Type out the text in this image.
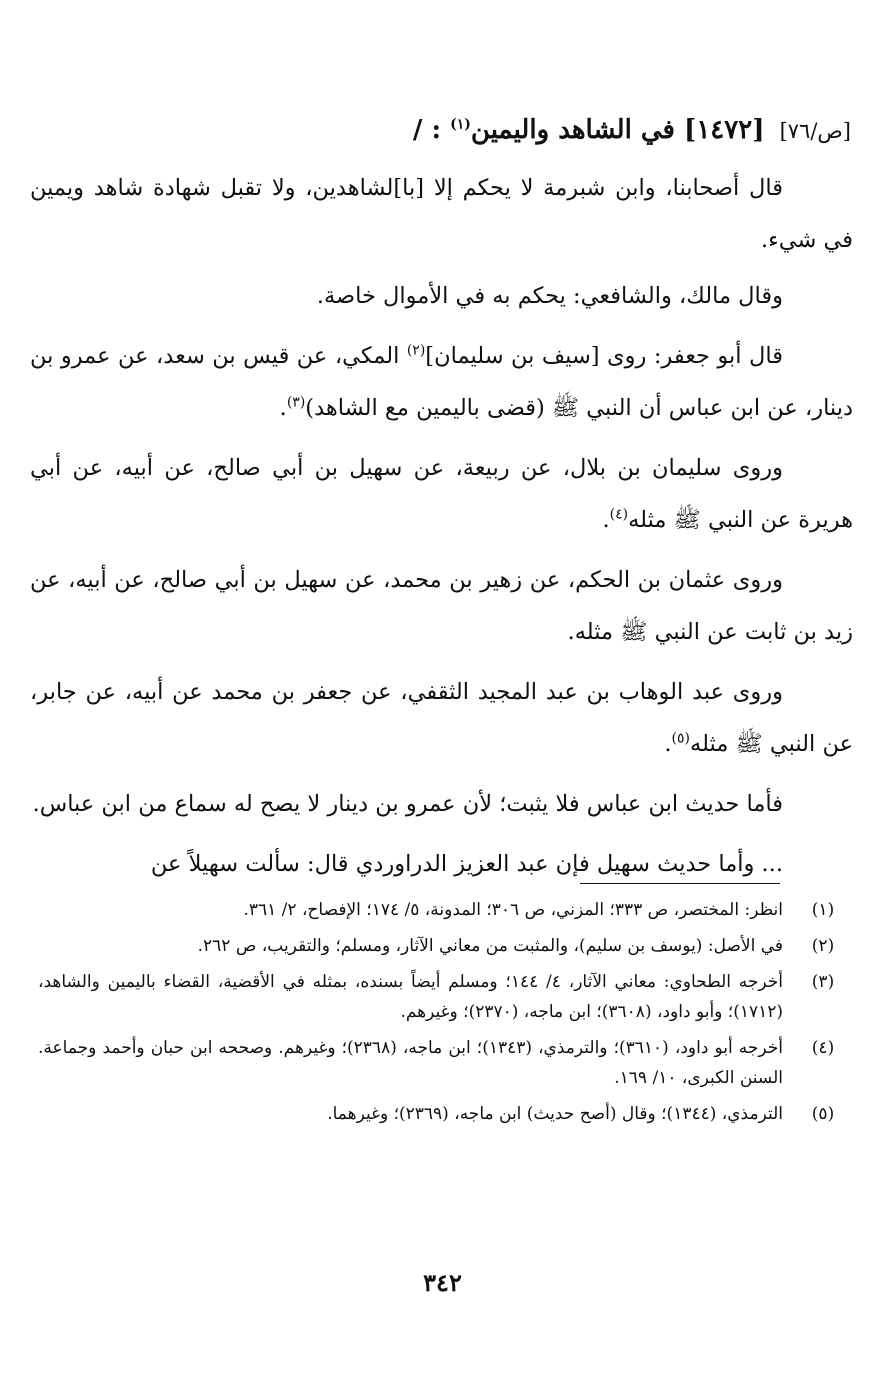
[ص/٧٦] [١٤٧٢] في الشاهد واليمين$^{(١)}$ : /

قال أصحابنا، وابن شبرمة لا يحكم إلا [با]لشاهدين، ولا تقبل شهادة شاهد ويمين في شيء.

وقال مالك، والشافعي: يحكم به في الأموال خاصة.

قال أبو جعفر: روى [سيف بن سليمان]$^{(٢)}$ المكي، عن قيس بن سعد، عن عمرو بن دينار، عن ابن عباس أن النبي ﷺ (قضى باليمين مع الشاهد)$^{(٣)}$.

وروى سليمان بن بلال، عن ربيعة، عن سهيل بن أبي صالح، عن أبيه، عن أبي هريرة عن النبي ﷺ مثله$^{(٤)}$.

وروى عثمان بن الحكم، عن زهير بن محمد، عن سهيل بن أبي صالح، عن أبيه، عن زيد بن ثابت عن النبي ﷺ مثله.

وروى عبد الوهاب بن عبد المجيد الثقفي، عن جعفر بن محمد عن أبيه، عن جابر، عن النبي ﷺ مثله$^{(٥)}$.

فأما حديث ابن عباس فلا يثبت؛ لأن عمرو بن دينار لا يصح له سماع من ابن عباس.

... وأما حديث سهيل فإن عبد العزيز الدراوردي قال: سألت سهيلاً عن

(١)
انظر: المختصر، ص ٣٣٣؛ المزني، ص ٣٠٦؛ المدونة، ٥/ ١٧٤؛ الإفصاح، ٢/ ٣٦١.
(٢)
في الأصل: (يوسف بن سليم)، والمثبت من معاني الآثار، ومسلم؛ والتقريب، ص ٢٦٢.
(٣)
أخرجه الطحاوي: معاني الآثار، ٤/ ١٤٤؛ ومسلم أيضاً بسنده، بمثله في الأقضية، القضاء باليمين والشاهد، (١٧١٢)؛ وأبو داود، (٣٦٠٨)؛ ابن ماجه، (٢٣٧٠)؛ وغيرهم.
(٤)
أخرجه أبو داود، (٣٦١٠)؛ والترمذي، (١٣٤٣)؛ ابن ماجه، (٢٣٦٨)؛ وغيرهم. وصححه ابن حبان وأحمد وجماعة. السنن الكبرى، ١٠/ ١٦٩.
(٥)
الترمذي، (١٣٤٤)؛ وقال (أصح حديث) ابن ماجه، (٢٣٦٩)؛ وغيرهما.
٣٤٢
